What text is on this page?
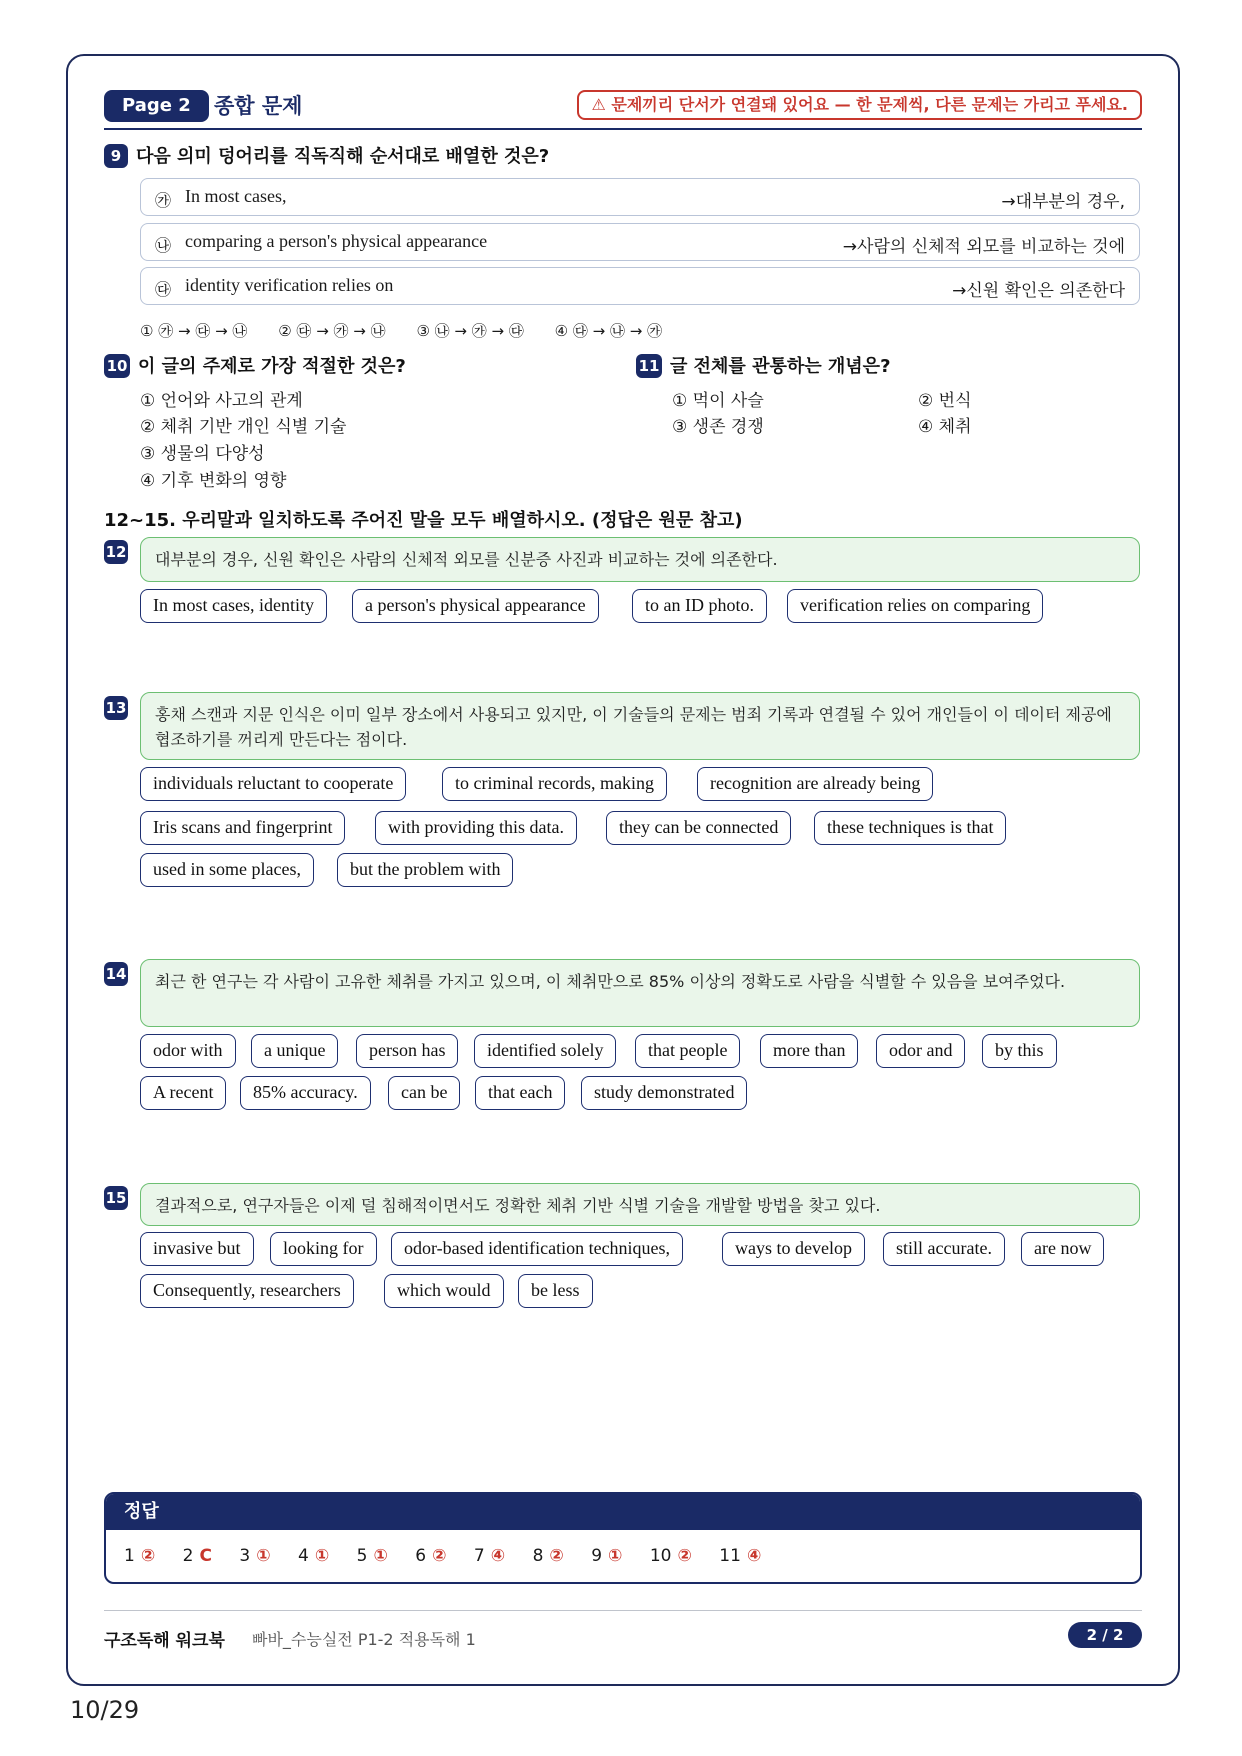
Page 2	종합 문제	⚠ 문제끼리 단서가 연결돼 있어요 — 한 문제씩, 다른 문제는 가리고 푸세요.
9 다음 의미 덩어리를 직독직해 순서대로 배열한 것은?
㉮ In most cases,	→대부분의 경우,
㉯ comparing a person's physical appearance	→사람의 신체적 외모를 비교하는 것에
㉰ identity verification relies on	→신원 확인은 의존한다
① ㉮ → ㉰ → ㉯ ② ㉰ → ㉮ → ㉯ ③ ㉯ → ㉮ → ㉰ ④ ㉰ → ㉯ → ㉮
10 이 글의 주제로 가장 적절한 것은?
① 언어와 사고의 관계
② 체취 기반 개인 식별 기술
③ 생물의 다양성
④ 기후 변화의 영향
11 글 전체를 관통하는 개념은?
① 먹이 사슬	② 번식
③ 생존 경쟁	④ 체취
12~15. 우리말과 일치하도록 주어진 말을 모두 배열하시오. (정답은 원문 참고)
12	대부분의 경우, 신원 확인은 사람의 신체적 외모를 신분증 사진과 비교하는 것에 의존한다.
In most cases, identity	a person's physical appearance	to an ID photo.	verification relies on comparing
13	홍채 스캔과 지문 인식은 이미 일부 장소에서 사용되고 있지만, 이 기술들의 문제는 범죄 기록과 연결될 수 있어 개인들이 이 데이터 제공에 협조하기를 꺼리게 만든다는 점이다.
individuals reluctant to cooperate	to criminal records, making	recognition are already being
Iris scans and fingerprint	with providing this data.	they can be connected	these techniques is that
used in some places,	but the problem with
14	최근 한 연구는 각 사람이 고유한 체취를 가지고 있으며, 이 체취만으로 85% 이상의 정확도로 사람을 식별할 수 있음을 보여주었다.
odor with	a unique	person has	identified solely	that people	more than	odor and	by this
A recent	85% accuracy.	can be	that each	study demonstrated
15	결과적으로, 연구자들은 이제 덜 침해적이면서도 정확한 체취 기반 식별 기술을 개발할 방법을 찾고 있다.
invasive but	looking for	odor-based identification techniques,	ways to develop	still accurate.	are now
Consequently, researchers	which would	be less
정답
1 ② 2 C 3 ① 4 ① 5 ① 6 ② 7 ④ 8 ② 9 ① 10 ② 11 ④
구조독해 워크북 빠바_수능실전 P1-2 적용독해 1	2 / 2
10/29
